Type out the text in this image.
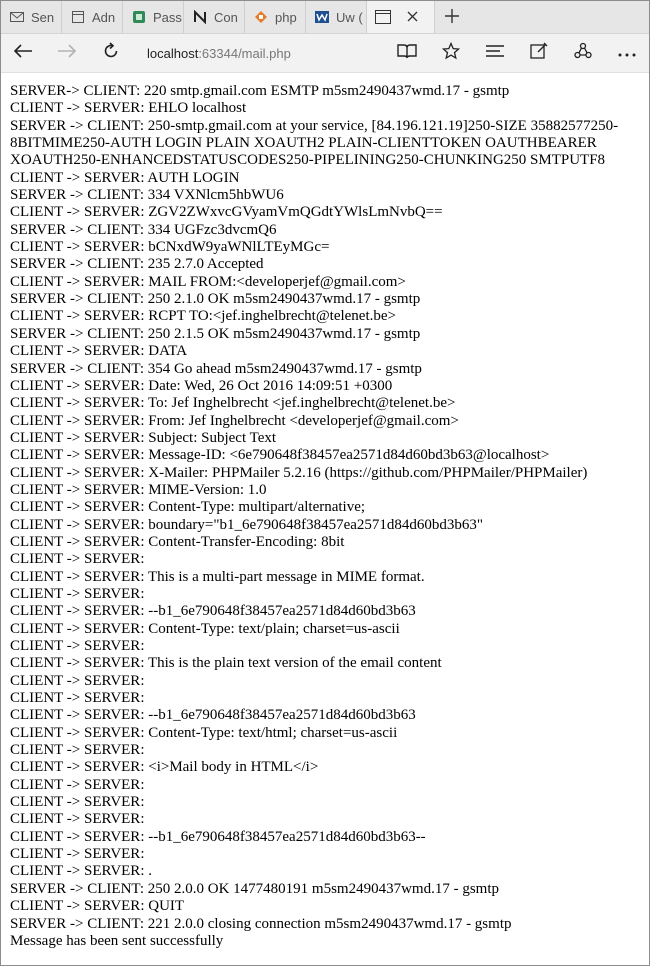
Sen	Adn	Pass Con	php	Uw (
localhost:63344/mail.php
SERVER-> CLIENT: 220 smtp.gmail.com ESMTP m5sm2490437wmd.17 - gsmtp
CLIENT -> SERVER: EHLO localhost
SERVER -> CLIENT: 250-smtp.gmail.com at your service, [84.196.121.19]250-SIZE 35882577250-8BITMIME250-AUTH LOGIN PLAIN XOAUTH2 PLAIN-CLIENTTOKEN OAUTHBEARER XOAUTH250-ENHANCEDSTATUSCODES250-PIPELINING250-CHUNKING250 SMTPUTF8
CLIENT -> SERVER: AUTH LOGIN
SERVER -> CLIENT: 334 VXNlcm5hbWU6
CLIENT -> SERVER: ZGV2ZWxvcGVyamVmQGdtYWlsLmNvbQ==
SERVER -> CLIENT: 334 UGFzc3dvcmQ6
CLIENT -> SERVER: bCNxdW9yaWNlLTEyMGc=
SERVER -> CLIENT: 235 2.7.0 Accepted
CLIENT -> SERVER: MAIL FROM:<developerjef@gmail.com>
SERVER -> CLIENT: 250 2.1.0 OK m5sm2490437wmd.17 - gsmtp
CLIENT -> SERVER: RCPT TO:<jef.inghelbrecht@telenet.be>
SERVER -> CLIENT: 250 2.1.5 OK m5sm2490437wmd.17 - gsmtp
CLIENT -> SERVER: DATA
SERVER -> CLIENT: 354 Go ahead m5sm2490437wmd.17 - gsmtp
CLIENT -> SERVER: Date: Wed, 26 Oct 2016 14:09:51 +0300
CLIENT -> SERVER: To: Jef Inghelbrecht <jef.inghelbrecht@telenet.be>
CLIENT -> SERVER: From: Jef Inghelbrecht <developerjef@gmail.com>
CLIENT -> SERVER: Subject: Subject Text
CLIENT -> SERVER: Message-ID: <6e790648f38457ea2571d84d60bd3b63@localhost>
CLIENT -> SERVER: X-Mailer: PHPMailer 5.2.16 (https://github.com/PHPMailer/PHPMailer)
CLIENT -> SERVER: MIME-Version: 1.0
CLIENT -> SERVER: Content-Type: multipart/alternative;
CLIENT -> SERVER: boundary="b1_6e790648f38457ea2571d84d60bd3b63"
CLIENT -> SERVER: Content-Transfer-Encoding: 8bit
CLIENT -> SERVER:
CLIENT -> SERVER: This is a multi-part message in MIME format.
CLIENT -> SERVER:
CLIENT -> SERVER: --b1_6e790648f38457ea2571d84d60bd3b63
CLIENT -> SERVER: Content-Type: text/plain; charset=us-ascii
CLIENT -> SERVER:
CLIENT -> SERVER: This is the plain text version of the email content
CLIENT -> SERVER:
CLIENT -> SERVER:
CLIENT -> SERVER: --b1_6e790648f38457ea2571d84d60bd3b63
CLIENT -> SERVER: Content-Type: text/html; charset=us-ascii
CLIENT -> SERVER:
CLIENT -> SERVER: <i>Mail body in HTML</i>
CLIENT -> SERVER:
CLIENT -> SERVER:
CLIENT -> SERVER:
CLIENT -> SERVER: --b1_6e790648f38457ea2571d84d60bd3b63--
CLIENT -> SERVER:
CLIENT -> SERVER: .
SERVER -> CLIENT: 250 2.0.0 OK 1477480191 m5sm2490437wmd.17 - gsmtp
CLIENT -> SERVER: QUIT
SERVER -> CLIENT: 221 2.0.0 closing connection m5sm2490437wmd.17 - gsmtp
Message has been sent successfully
